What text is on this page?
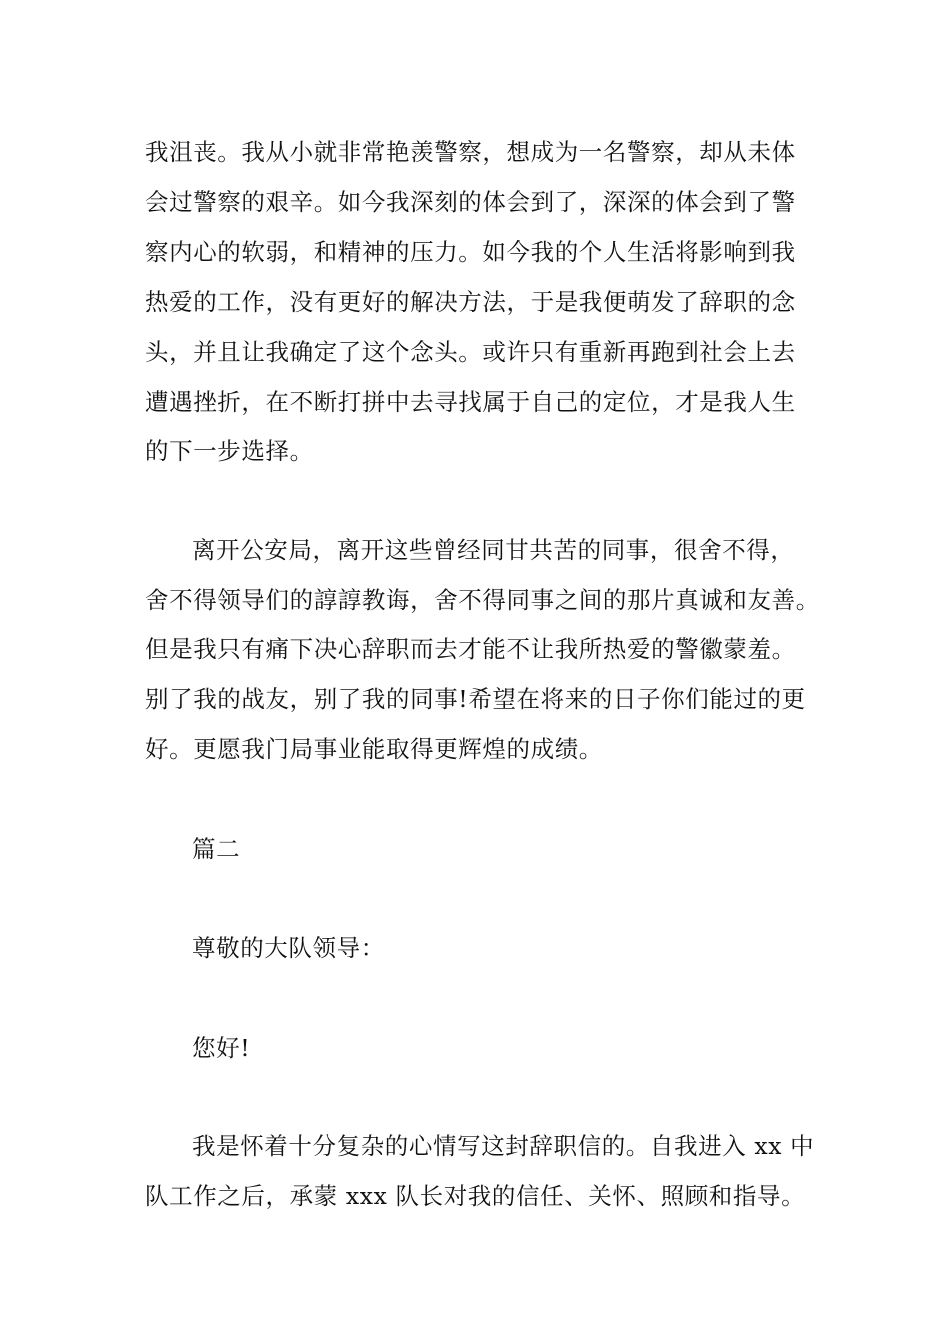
我沮丧。我从小就非常艳羡警察，想成为一名警察，却从未体
会过警察的艰辛。如今我深刻的体会到了，深深的体会到了警
察内心的软弱，和精神的压力。如今我的个人生活将影响到我
热爱的工作，没有更好的解决方法，于是我便萌发了辞职的念
头，并且让我确定了这个念头。或许只有重新再跑到社会上去
遭遇挫折，在不断打拼中去寻找属于自己的定位，才是我人生
的下一步选择。
离开公安局，离开这些曾经同甘共苦的同事，很舍不得，
舍不得领导们的諄諄教诲，舍不得同事之间的那片真诚和友善。
但是我只有痛下决心辞职而去才能不让我所热爱的警徽蒙羞。
别了我的战友，别了我的同事!希望在将来的日子你们能过的更
好。更愿我门局事业能取得更辉煌的成绩。
篇二
尊敬的大队领导：
您好!
我是怀着十分复杂的心情写这封辞职信的。自我进入 xx 中
队工作之后，承蒙 xxx 队长对我的信任、关怀、照顾和指导。
